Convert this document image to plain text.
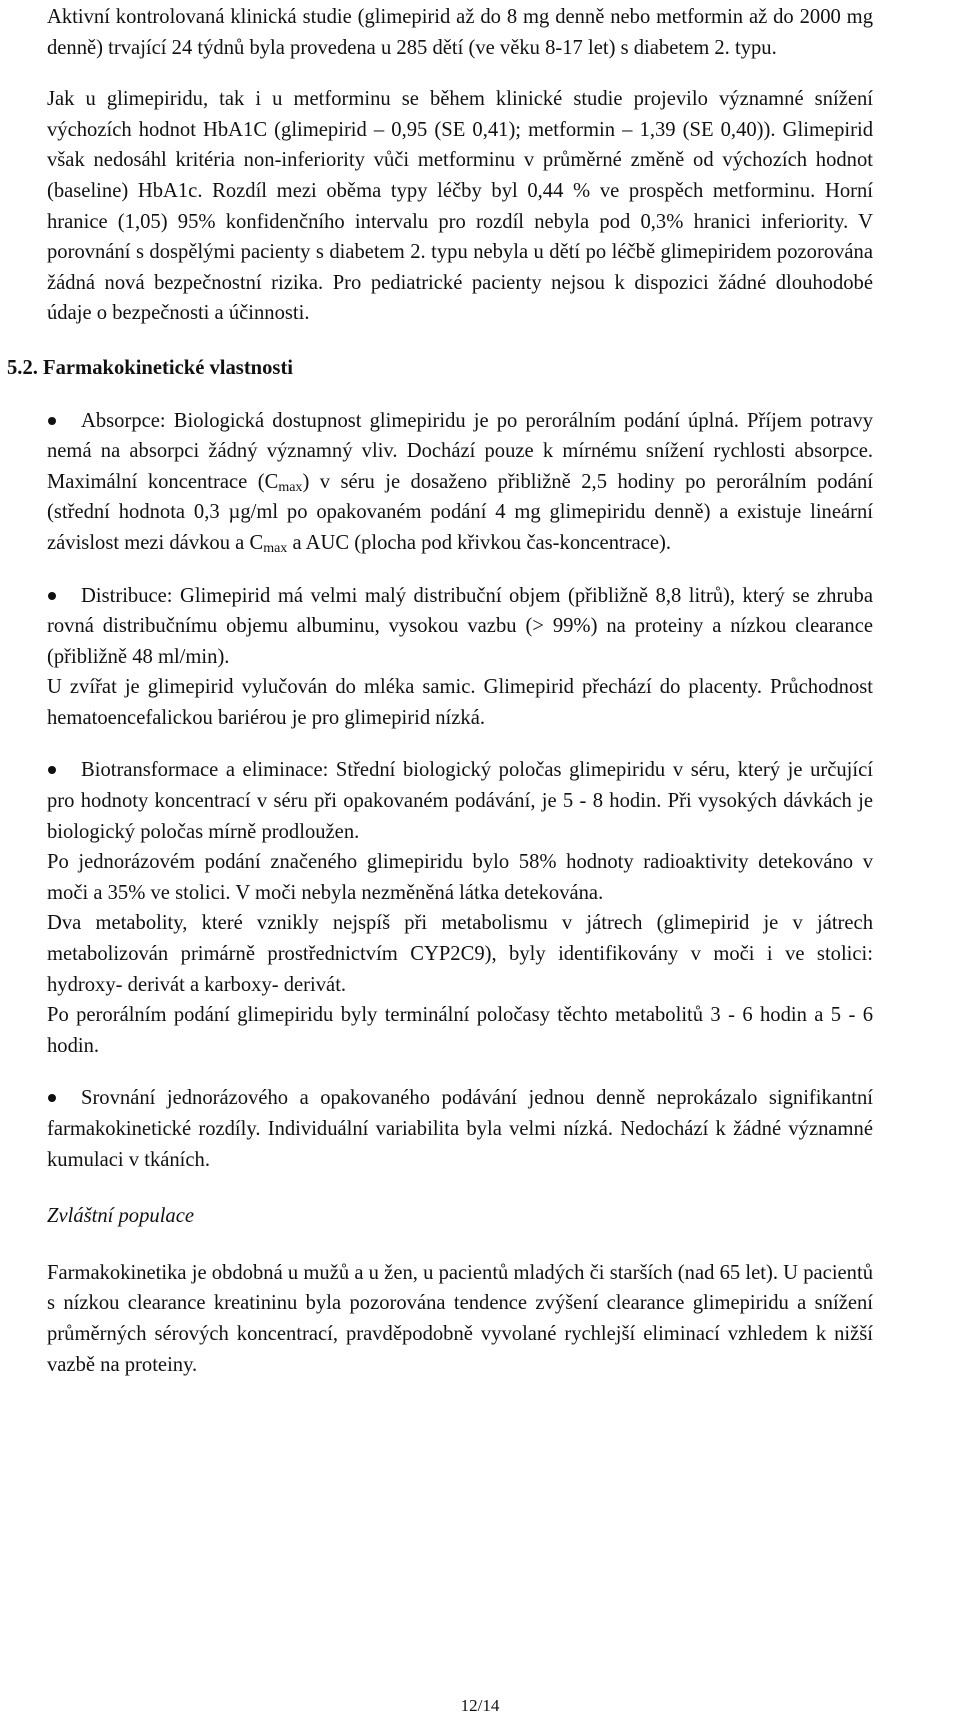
Aktivní kontrolovaná klinická studie (glimepirid až do 8 mg denně nebo metformin až do 2000 mg denně) trvající 24 týdnů byla provedena u 285 dětí (ve věku 8-17 let) s diabetem 2. typu.

Jak u glimepiridu, tak i u metforminu se během klinické studie projevilo významné snížení výchozích hodnot HbA1C (glimepirid – 0,95 (SE 0,41); metformin – 1,39 (SE 0,40)). Glimepirid však nedosáhl kritéria non-inferiority vůči metforminu v průměrné změně od výchozích hodnot (baseline) HbA1c. Rozdíl mezi oběma typy léčby byl 0,44 % ve prospěch metforminu. Horní hranice (1,05) 95% konfidenčního intervalu pro rozdíl nebyla pod 0,3% hranici inferiority. V porovnání s dospělými pacienty s diabetem 2. typu nebyla u dětí po léčbě glimepiridem pozorována žádná nová bezpečnostní rizika. Pro pediatrické pacienty nejsou k dispozici žádné dlouhodobé údaje o bezpečnosti a účinnosti.

5.2. Farmakokinetické vlastnosti

Absorpce: Biologická dostupnost glimepiridu je po perorálním podání úplná. Příjem potravy nemá na absorpci žádný významný vliv. Dochází pouze k mírnému snížení rychlosti absorpce. Maximální koncentrace $(C_{max})$ v séru je dosaženo přibližně 2,5 hodiny po perorálním podání (střední hodnota 0,3 µg/ml po opakovaném podání 4 mg glimepiridu denně) a existuje lineární závislost mezi dávkou a $C_{max}$ a AUC (plocha pod křivkou čas-koncentrace).

Distribuce: Glimepirid má velmi malý distribuční objem (přibližně 8,8 litrů), který se zhruba rovná distribučnímu objemu albuminu, vysokou vazbu (> 99%) na proteiny a nízkou clearance (přibližně 48 ml/min).

U zvířat je glimepirid vylučován do mléka samic. Glimepirid přechází do placenty. Průchodnost hematoencefalickou bariérou je pro glimepirid nízká.

Biotransformace a eliminace: Střední biologický poločas glimepiridu v séru, který je určující pro hodnoty koncentrací v séru při opakovaném podávání, je 5 - 8 hodin. Při vysokých dávkách je biologický poločas mírně prodloužen.

Po jednorázovém podání značeného glimepiridu bylo 58% hodnoty radioaktivity detekováno v moči a 35% ve stolici. V moči nebyla nezměněná látka detekována.

Dva metabolity, které vznikly nejspíš při metabolismu v játrech (glimepirid je v játrech metabolizován primárně prostřednictvím CYP2C9), byly identifikovány v moči i ve stolici: hydroxy- derivát a karboxy- derivát.

Po perorálním podání glimepiridu byly terminální poločasy těchto metabolitů 3 - 6 hodin a 5 - 6 hodin.

Srovnání jednorázového a opakovaného podávání jednou denně neprokázalo signifikantní farmakokinetické rozdíly. Individuální variabilita byla velmi nízká. Nedochází k žádné významné kumulaci v tkáních.

Zvláštní populace

Farmakokinetika je obdobná u mužů a u žen, u pacientů mladých či starších (nad 65 let). U pacientů s nízkou clearance kreatininu byla pozorována tendence zvýšení clearance glimepiridu a snížení průměrných sérových koncentrací, pravděpodobně vyvolané rychlejší eliminací vzhledem k nižší vazbě na proteiny.

12/14
